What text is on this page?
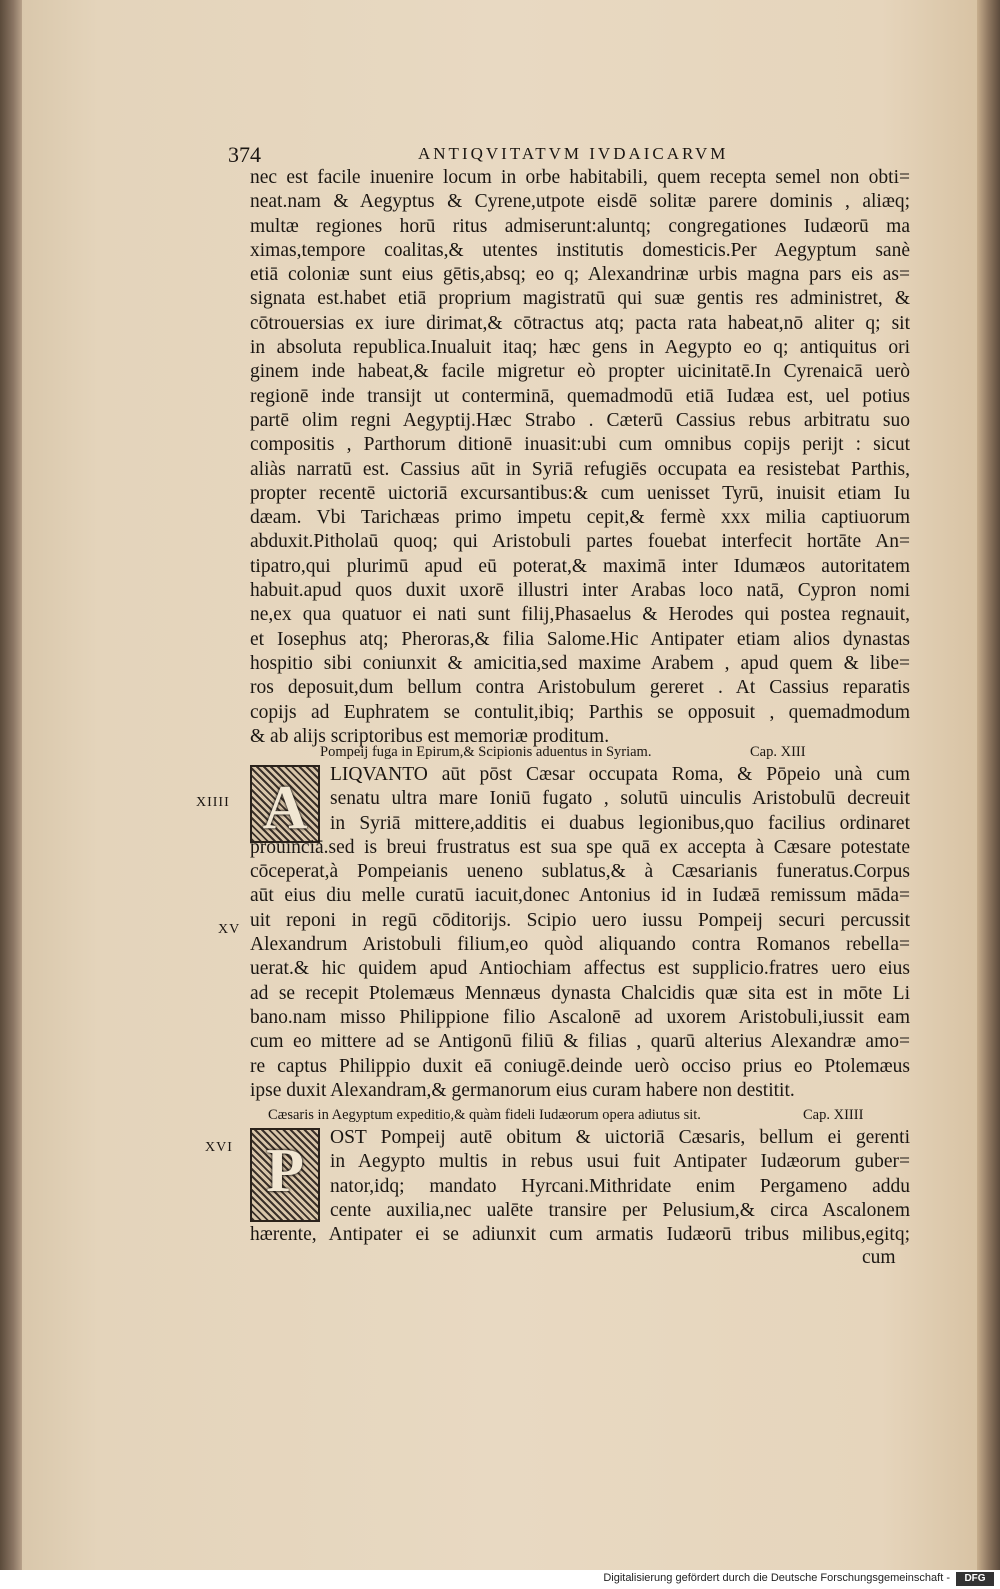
374	ANTIQVITATVM IVDAICARVM
nec est facile inuenire locum in orbe habitabili, quem recepta semel non obti=
neat.nam & Aegyptus & Cyrene,utpote eisdē solitæ parere dominis , aliæq;
multæ regiones horū ritus admiserunt:aluntq; congregationes Iudæorū ma
ximas,tempore coalitas,& utentes institutis domesticis.Per Aegyptum sanè
etiā coloniæ sunt eius gētis,absq; eo q; Alexandrinæ urbis magna pars eis as=
signata est.habet etiā proprium magistratū qui suæ gentis res administret, &
cōtrouersias ex iure dirimat,& cōtractus atq; pacta rata habeat,nō aliter q; sit
in absoluta republica.Inualuit itaq; hæc gens in Aegypto eo q; antiquitus ori
ginem inde habeat,& facile migretur eò propter uicinitatē.In Cyrenaicā uerò
regionē inde transijt ut conterminā, quemadmodū etiā Iudæa est, uel potius
partē olim regni Aegyptij.Hæc Strabo . Cæterū Cassius rebus arbitratu suo
compositis , Parthorum ditionē inuasit:ubi cum omnibus copijs perijt : sicut
aliàs narratū est. Cassius aūt in Syriā refugiēs occupata ea resistebat Parthis,
propter recentē uictoriā excursantibus:& cum uenisset Tyrū, inuisit etiam Iu
dæam. Vbi Tarichæas primo impetu cepit,& fermè xxx milia captiuorum
abduxit.Pitholaū quoq; qui Aristobuli partes fouebat interfecit hortāte An=
tipatro,qui plurimū apud eū poterat,& maximā inter Idumæos autoritatem
habuit.apud quos duxit uxorē illustri inter Arabas loco natā, Cypron nomi
ne,ex qua quatuor ei nati sunt filij,Phasaelus & Herodes qui postea regnauit,
et Iosephus atq; Pheroras,& filia Salome.Hic Antipater etiam alios dynastas
hospitio sibi coniunxit & amicitia,sed maxime Arabem , apud quem & libe=
ros deposuit,dum bellum contra Aristobulum gereret . At Cassius reparatis
copijs ad Euphratem se contulit,ibiq; Parthis se opposuit , quemadmodum
& ab alijs scriptoribus est memoriæ proditum.
Pompeij fuga in Epirum,& Scipionis aduentus in Syriam.	Cap. XIII
XIIII A	LIQVANTO aūt pōst Cæsar occupata Roma, & Pōpeio unà cum
senatu ultra mare Ioniū fugato , solutū uinculis Aristobulū decreuit
in Syriā mittere,additis ei duabus legionibus,quo facilius ordinaret
prouinciā.sed is breui frustratus est sua spe quā ex accepta à Cæsare potestate
cōceperat,à Pompeianis ueneno sublatus,& à Cæsarianis funeratus.Corpus
aūt eius diu melle curatū iacuit,donec Antonius id in Iudæā remissum māda=
uit reponi in regū cōditorijs. Scipio uero iussu Pompeij securi percussit
Alexandrum Aristobuli filium,eo quòd aliquando contra Romanos rebella=
uerat.& hic quidem apud Antiochiam affectus est supplicio.fratres uero eius
ad se recepit Ptolemæus Mennæus dynasta Chalcidis quæ sita est in mōte Li
bano.nam misso Philippione filio Ascalonē ad uxorem Aristobuli,iussit eam
cum eo mittere ad se Antigonū filiū & filias , quarū alterius Alexandræ amo=
re captus Philippio duxit eā coniugē.deinde uerò occiso prius eo Ptolemæus
ipse duxit Alexandram,& germanorum eius curam habere non destitit.
XV
Cæsaris in Aegyptum expeditio,& quàm fideli Iudæorum opera adiutus sit.	Cap. XIIII
XVI P	OST Pompeij autē obitum & uictoriā Cæsaris, bellum ei gerenti
in Aegypto multis in rebus usui fuit Antipater Iudæorum guber=
nator,idq; mandato Hyrcani.Mithridate enim Pergameno addu
cente auxilia,nec ualēte transire per Pelusium,& circa Ascalonem
hærente, Antipater ei se adiunxit cum armatis Iudæorū tribus milibus,egitq;
cum
Digitalisierung gefördert durch die Deutsche Forschungsgemeinschaft -	DFG
